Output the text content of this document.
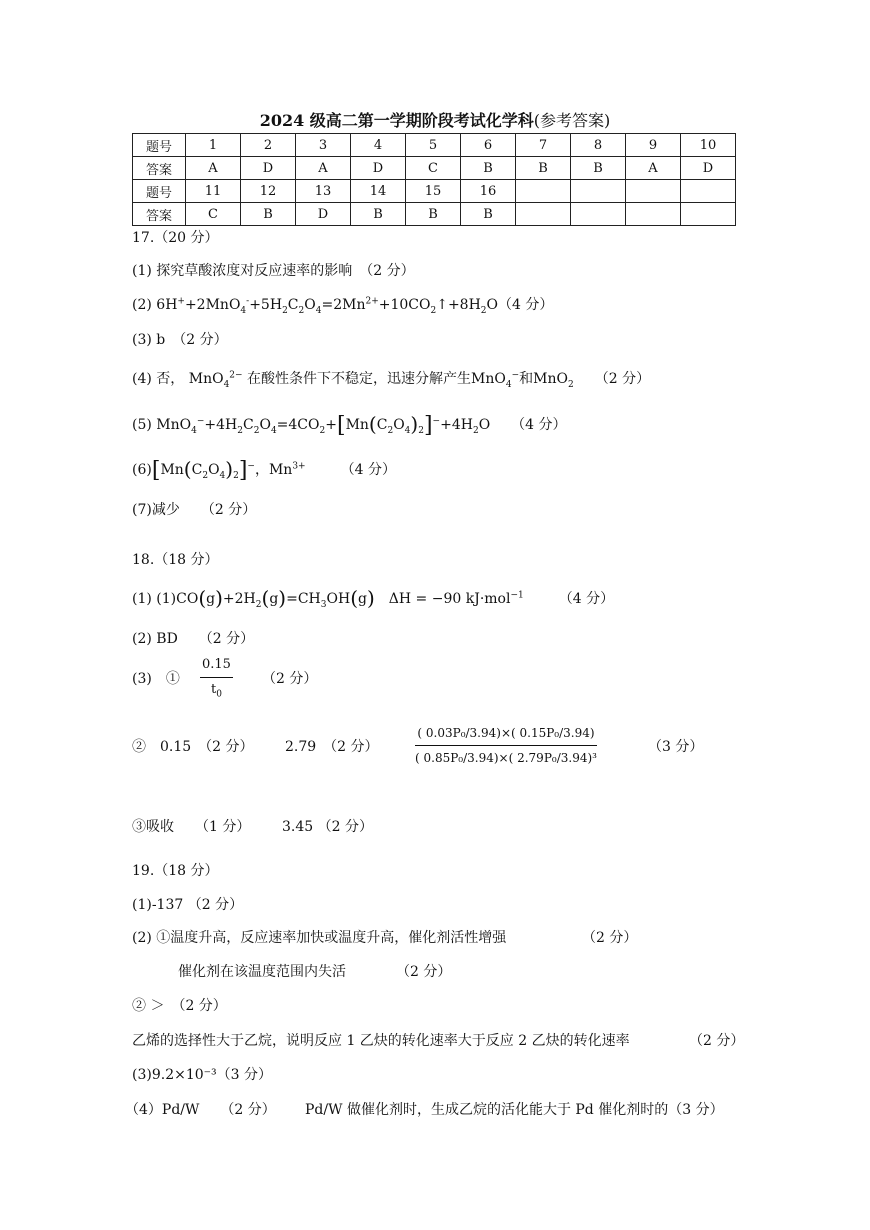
2024 级高二第一学期阶段考试化学科(参考答案)
题号	1	2	3	4	5	6	7	8	9	10
答案	A	D	A	D	C	B	B	B	A	D
题号	11	12	13	14	15	16				
答案	C	B	D	B	B	B				
17.（20 分）
(1) 探究草酸浓度对反应速率的影响　（2 分）
(2) $6H^++2MnO_4^-+5H_2C_2O_4=2Mn^{2+}+10CO_2↑+8H_2O(4$ 分）
(3) b　（2 分）
(4) 否， MnO$_4^{2-}$ 在酸性条件下不稳定，迅速分解产生MnO$_4$−和MnO$_2$　　 （2 分）
(5) $MnO_4^-+4H_2C_2O_4=4CO_2+[Mn(C_2O_4)_2]^-+4H_2O$　　（4 分）
$(6)[Mn(C_2O_4)_2]^-$，$Mn^{3+}$　　　	（4 分）
(7)减少　　（2 分）
18.（18 分）
(1) $(1)CO(g)+2H_2(g)=CH_3OH(g)$　ΔH = −90 kJ·mol$^{-1}$　　　	（4 分）
(2) BD　　（2 分）
(3)　① $\frac{0.15}{t_0} (2$ 分）
②　0.15　（2 分） 2.79　（2 分）	$\frac{\text{( 0.03P₀/3.94)×( 0.15P₀/3.94)}}{\text{( 0.85P₀/3.94)×( 2.79P₀/3.94)³}}$	（3 分）
③吸收　　（1 分） 3.45 （2 分）
19.（18 分）
(1)-137 （2 分）
(2) ①温度升高，反应速率加快或温度升高，催化剂活性增强	（2 分）
催化剂在该温度范围内失活	（2 分）
② ＞　（2 分）
乙烯的选择性大于乙烷，说明反应 1 乙炔的转化速率大于反应 2 乙炔的转化速率	（2 分）
(3)9.2×10⁻³（3 分）
（4）Pd/W　　（2 分） Pd/W 做催化剂时，生成乙烷的活化能大于 Pd 催化剂时的（3 分）
